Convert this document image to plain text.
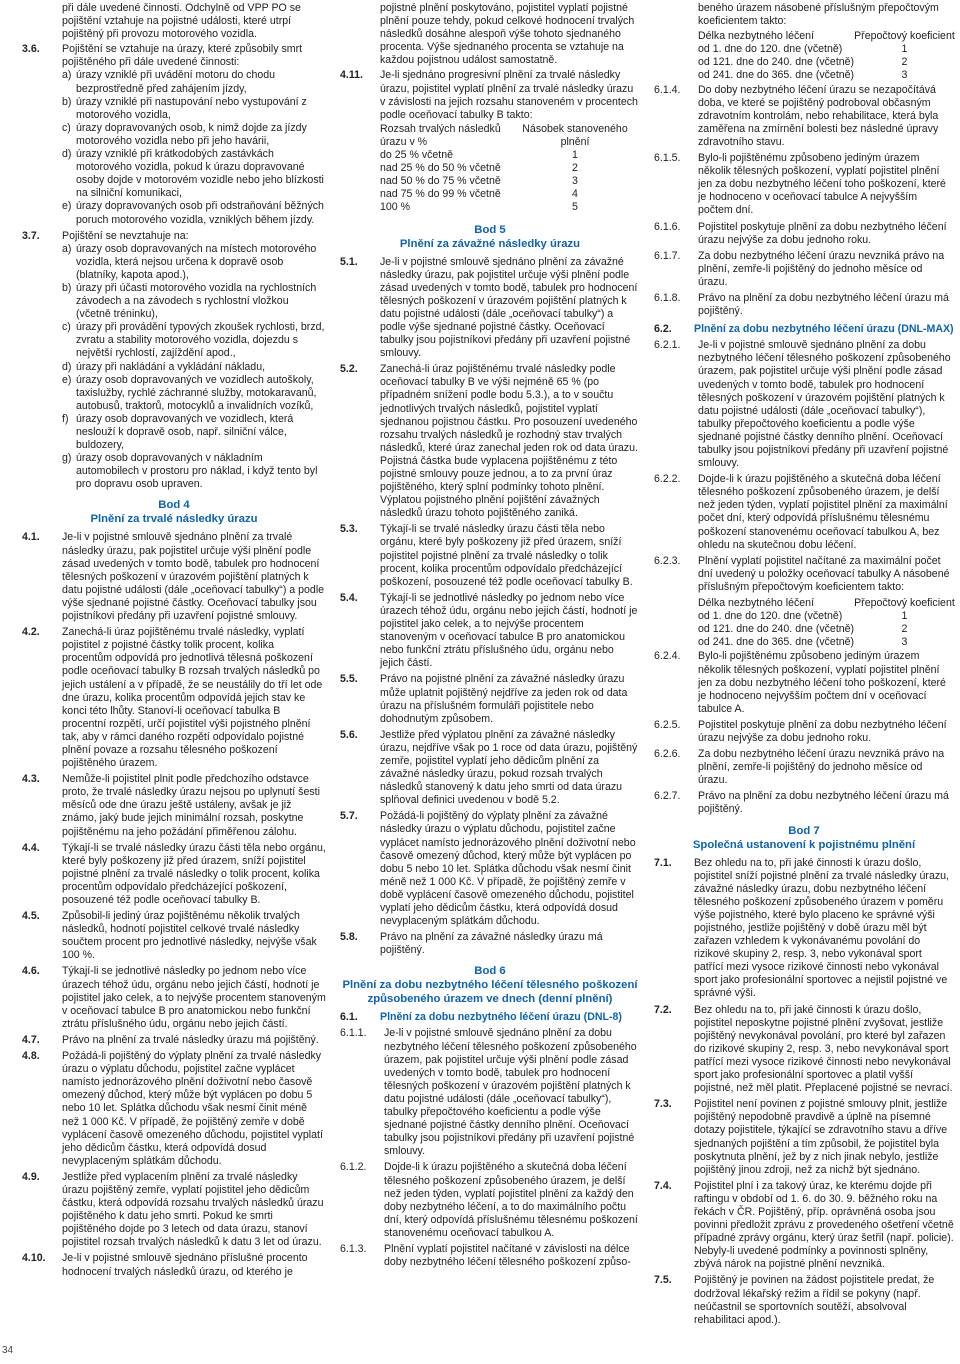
při dále uvedené činnosti. Odchylně od VPP PO se pojištění vztahuje na pojistné události, které utrpí pojištěný při provozu motorového vozidla.
3.6.	Pojištění se vztahuje na úrazy, které způsobily smrt pojištěného při dále uvedené činnosti:
a) úrazy vzniklé při uvádění motoru do chodu bezprostředně před zahájením jízdy,
b) úrazy vzniklé při nastupování nebo vystupování z motorového vozidla,
c) úrazy dopravovaných osob, k nimž dojde za jízdy motorového vozidla nebo při jeho havárii,
d) úrazy vzniklé při krátkodobých zastávkách motorového vozidla, pokud k úrazu dopravované osoby dojde v motorovém vozidle nebo jeho blízkosti na silniční komunikaci,
e) úrazy dopravovaných osob při odstraňování běžných poruch motorového vozidla, vzniklých během jízdy.
3.7.	Pojištění se nevztahuje na:
a) úrazy osob dopravovaných na místech motorového vozidla, která nejsou určena k dopravě osob (blatníky, kapota apod.),
b) úrazy při účasti motorového vozidla na rychlostních závodech a na závodech s rychlostní vložkou (včetně tréninku),
c) úrazy při provádění typových zkoušek rychlosti, brzd, zvratu a stability motorového vozidla, dojezdu s největší rychlostí, zajíždění apod.,
d) úrazy při nakládání a vykládání nákladu,
e) úrazy osob dopravovaných ve vozidlech autoškoly, taxislužby, rychlé záchranné služby, motokaravanů, autobusů, traktorů, motocyklů a invalidních vozíků,
f) úrazy osob dopravovaných ve vozidlech, která neslouží k dopravě osob, např. silniční válce, buldozery,
g) úrazy osob dopravovaných v nákladním automobilech v prostoru pro náklad, i když tento byl pro dopravu osob upraven.
Bod 4
Plnění za trvalé následky úrazu
4.1.	Je-li v pojistné smlouvě sjednáno plnění za trvalé následky úrazu, pak pojistitel určuje výši plnění podle zásad uvedených v tomto bodě, tabulek pro hodnocení tělesných poškození v úrazovém pojištění platných k datu pojistné události (dále „oceňovací tabulky“) a podle výše sjednané pojistné částky. Oceňovací tabulky jsou pojistníkovi předány při uzavření pojistné smlouvy.
4.2.	Zanechá-li úraz pojištěnému trvalé následky, vyplatí pojistitel z pojistné částky tolik procent, kolika procentům odpovídá pro jednotlivá tělesná poškození podle oceňovací tabulky B rozsah trvalých následků po jejich ustálení a v případě, že se neustálily do tří let ode dne úrazu, kolika procentům odpovídá jejich stav ke konci této lhůty. Stanoví-li oceňovací tabulka B procentní rozpětí, určí pojistitel výši pojistného plnění tak, aby v rámci daného rozpětí odpovídalo pojistné plnění povaze a rozsahu tělesného poškození pojištěného úrazem.
4.3.	Nemůže-li pojistitel plnit podle předchozího odstavce proto, že trvalé následky úrazu nejsou po uplynutí šesti měsíců ode dne úrazu ještě ustáleny, avšak je již známo, jaký bude jejich minimální rozsah, poskytne pojištěnému na jeho požádání přiměřenou zálohu.
4.4.	Týkají-li se trvalé následky úrazu části těla nebo orgánu, které byly poškozeny již před úrazem, sníží pojistitel pojistné plnění za trvalé následky o tolik procent, kolika procentům odpovídalo předcházející poškození, posouzené též podle oceňovací tabulky B.
4.5.	Způsobil-li jediný úraz pojištěnému několik trvalých následků, hodnotí pojistitel celkové trvalé následky součtem procent pro jednotlivé následky, nejvýše však 100 %.
4.6.	Týkají-li se jednotlivé následky po jednom nebo více úrazech téhož údu, orgánu nebo jejich částí, hodnotí je pojistitel jako celek, a to nejvýše procentem stanoveným v oceňovací tabulce B pro anatomickou nebo funkční ztrátu příslušného údu, orgánu nebo jejich částí.
4.7.	Právo na plnění za trvalé následky úrazu má pojištěný.
4.8.	Požádá-li pojištěný do výplaty plnění za trvalé následky úrazu o výplatu důchodu, pojistitel začne vyplácet namísto jednorázového plnění doživotní nebo časově omezený důchod, který může být vyplácen po dobu 5 nebo 10 let. Splátka důchodu však nesmí činit méně než 1 000 Kč. V případě, že pojištěný zemře v době vyplácení časově omezeného důchodu, pojistitel vyplatí jeho dědicům částku, která odpovídá dosud nevyplaceným splátkám důchodu.
4.9.	Jestliže před vyplacením plnění za trvalé následky úrazu pojištěný zemře, vyplatí pojistitel jeho dědicům částku, která odpovídá rozsahu trvalých následků úrazu pojištěného k datu jeho smrti. Pokud ke smrti pojištěného dojde po 3 letech od data úrazu, stanoví pojistitel rozsah trvalých následků k datu 3 let od úrazu.
4.10.	Je-li v pojistné smlouvě sjednáno příslušné procento hodnocení trvalých následků úrazu, od kterého je
pojistné plnění poskytováno, pojistitel vyplatí pojistné plnění pouze tehdy, pokud celkové hodnocení trvalých následků dosáhne alespoň výše tohoto sjednaného procenta. Výše sjednaného procenta se vztahuje na každou pojistnou událost samostatně.
4.11.	Je-li sjednáno progresivní plnění za trvalé následky úrazu, pojistitel vyplatí plnění za trvalé následky úrazu v závislosti na jejich rozsahu stanoveném v procentech podle oceňovací tabulky B takto:
Rozsah trvalých následků úrazu v %
Násobek stanoveného plnění
do 25 % včetně	1
nad 25 % do 50 % včetně	2
nad 50 % do 75 % včetně	3
nad 75 % do 99 % včetně	4
100 %	5
Bod 5
Plnění za závažné následky úrazu
5.1.	Je-li v pojistné smlouvě sjednáno plnění za závažné následky úrazu, pak pojistitel určuje výši plnění podle zásad uvedených v tomto bodě, tabulek pro hodnocení tělesných poškození v úrazovém pojištění platných k datu pojistné události (dále „oceňovací tabulky“) a podle výše sjednané pojistné částky. Oceňovací tabulky jsou pojistníkovi předány při uzavření pojistné smlouvy.
5.2.	Zanechá-li úraz pojištěnému trvalé následky podle oceňovací tabulky B ve výši nejméně 65 % (po případném snížení podle bodu 5.3.), a to v součtu jednotlivých trvalých následků, pojistitel vyplatí sjednanou pojistnou částku. Pro posouzení uvedeného rozsahu trvalých následků je rozhodný stav trvalých následků, které úraz zanechal jeden rok od data úrazu. Pojistná částka bude vyplacena pojištěnému z této pojistné smlouvy pouze jednou, a to za první úraz pojištěného, který splní podmínky tohoto plnění. Výplatou pojistného plnění pojištění závažných následků úrazu tohoto pojištěného zaniká.
5.3.	Týkají-li se trvalé následky úrazu části těla nebo orgánu, které byly poškozeny již před úrazem, sníží pojistitel pojistné plnění za trvalé následky o tolik procent, kolika procentům odpovídalo předcházející poškození, posouzené též podle oceňovací tabulky B.
5.4.	Týkají-li se jednotlivé následky po jednom nebo více úrazech téhož údu, orgánu nebo jejich částí, hodnotí je pojistitel jako celek, a to nejvýše procentem stanoveným v oceňovací tabulce B pro anatomickou nebo funkční ztrátu příslušného údu, orgánu nebo jejich částí.
5.5.	Právo na pojistné plnění za závažné následky úrazu může uplatnit pojištěný nejdříve za jeden rok od data úrazu na příslušném formuláři pojistitele nebo dohodnutým způsobem.
5.6.	Jestliže před výplatou plnění za závažné následky úrazu, nejdříve však po 1 roce od data úrazu, pojištěný zemře, pojistitel vyplatí jeho dědicům plnění za závažné následky úrazu, pokud rozsah trvalých následků stanovený k datu jeho smrti od data úrazu splňoval definici uvedenou v bodě 5.2.
5.7.	Požádá-li pojištěný do výplaty plnění za závažné následky úrazu o výplatu důchodu, pojistitel začne vyplácet namísto jednorázového plnění doživotní nebo časově omezený důchod, který může být vyplácen po dobu 5 nebo 10 let. Splátka důchodu však nesmí činit méně než 1 000 Kč. V případě, že pojištěný zemře v době vyplácení časově omezeného důchodu, pojistitel vyplatí jeho dědicům částku, která odpovídá dosud nevyplaceným splátkám důchodu.
5.8.	Právo na plnění za závažné následky úrazu má pojištěný.
Bod 6
Plnění za dobu nezbytného léčení tělesného poškození způsobeného úrazem ve dnech (denní plnění)
6.1.	Plnění za dobu nezbytného léčení úrazu (DNL-8)
6.1.1.	Je-li v pojistné smlouvě sjednáno plnění za dobu nezbytného léčení tělesného poškození způsobeného úrazem, pak pojistitel určuje výši plnění podle zásad uvedených v tomto bodě, tabulek pro hodnocení tělesných poškození v úrazovém pojištění platných k datu pojistné události (dále „oceňovací tabulky“), tabulky přepočtového koeficientu a podle výše sjednané pojistné částky denního plnění. Oceňovací tabulky jsou pojistníkovi předány při uzavření pojistné smlouvy.
6.1.2.	Dojde-li k úrazu pojištěného a skutečná doba léčení tělesného poškození způsobeného úrazem, je delší než jeden týden, vyplatí pojistitel plnění za každý den doby nezbytného léčení, a to do maximálního počtu dní, který odpovídá příslušnému tělesnému poškození stanovenému oceňovací tabulkou A.
6.1.3.	Plnění vyplatí pojistitel načítané v závislosti na délce doby nezbytného léčení tělesného poškození způso-
beného úrazem násobené příslušným přepočtovým koeficientem takto:
Délka nezbytného léčení	Přepočtový koeficient
od 1. dne do 120. dne (včetně)	1
od 121. dne do 240. dne (včetně)	2
od 241. dne do 365. dne (včetně)	3
6.1.4.	Do doby nezbytného léčení úrazu se nezapočítává doba, ve které se pojištěný podroboval občasným zdravotním kontrolám, nebo rehabilitace, která byla zaměřena na zmírnění bolesti bez následné úpravy zdravotního stavu.
6.1.5.	Bylo-li pojištěnému způsobeno jediným úrazem několik tělesných poškození, vyplatí pojistitel plnění jen za dobu nezbytného léčení toho poškození, které je hodnoceno v oceňovací tabulce A nejvyšším počtem dní.
6.1.6.	Pojistitel poskytuje plnění za dobu nezbytného léčení úrazu nejvýše za dobu jednoho roku.
6.1.7.	Za dobu nezbytného léčení úrazu nevzniká právo na plnění, zemře-li pojištěný do jednoho měsíce od úrazu.
6.1.8.	Právo na plnění za dobu nezbytného léčení úrazu má pojištěný.
6.2.	Plnění za dobu nezbytného léčení úrazu (DNL-MAX)
6.2.1.	Je-li v pojistné smlouvě sjednáno plnění za dobu nezbytného léčení tělesného poškození způsobeného úrazem, pak pojistitel určuje výši plnění podle zásad uvedených v tomto bodě, tabulek pro hodnocení tělesných poškození v úrazovém pojištění platných k datu pojistné události (dále „oceňovací tabulky“), tabulky přepočtového koeficientu a podle výše sjednané pojistné částky denního plnění. Oceňovací tabulky jsou pojistníkovi předány při uzavření pojistné smlouvy.
6.2.2.	Dojde-li k úrazu pojištěného a skutečná doba léčení tělesného poškození způsobeného úrazem, je delší než jeden týden, vyplatí pojistitel plnění za maximální počet dní, který odpovídá příslušnému tělesnému poškození stanovenému oceňovací tabulkou A, bez ohledu na skutečnou dobu léčení.
6.2.3.	Plnění vyplatí pojistitel načítané za maximální počet dní uvedený u položky oceňovací tabulky A násobené příslušným přepočtovým koeficientem takto:
Délka nezbytného léčení	Přepočtový koeficient
od 1. dne do 120. dne (včetně)	1
od 121. dne do 240. dne (včetně)	2
od 241. dne do 365. dne (včetně)	3
6.2.4.	Bylo-li pojištěnému způsobeno jediným úrazem několik tělesných poškození, vyplatí pojistitel plnění jen za dobu nezbytného léčení toho poškození, které je hodnoceno nejvyšším počtem dní v oceňovací tabulce A.
6.2.5.	Pojistitel poskytuje plnění za dobu nezbytného léčení úrazu nejvýše za dobu jednoho roku.
6.2.6.	Za dobu nezbytného léčení úrazu nevzniká právo na plnění, zemře-li pojištěný do jednoho měsíce od úrazu.
6.2.7.	Právo na plnění za dobu nezbytného léčení úrazu má pojištěný.
Bod 7
Společná ustanovení k pojistnému plnění
7.1.	Bez ohledu na to, při jaké činnosti k úrazu došlo, pojistitel sníží pojistné plnění za trvalé následky úrazu, závažné následky úrazu, dobu nezbytného léčení tělesného poškození způsobeného úrazem v poměru výše pojistného, které bylo placeno ke správné výši pojistného, jestliže pojištěný v době úrazu měl být zařazen vzhledem k vykonávanému povolání do rizikové skupiny 2, resp. 3, nebo vykonával sport patřící mezi vysoce rizikové činnosti nebo vykonával sport jako profesionální sportovec a nejistil pojistné ve správné výši.
7.2.	Bez ohledu na to, při jaké činnosti k úrazu došlo, pojistitel neposkytne pojistné plnění zvyšovat, jestliže pojištěný nevykonával povolání, pro které byl zařazen do rizikové skupiny 2, resp. 3, nebo nevykonával sport patřící mezi vysoce rizikové činnosti nebo nevykonával sport jako profesionální sportovec a platil vyšší pojistné, než měl platit. Přeplacené pojistné se nevrací.
7.3.	Pojistitel není povinen z pojistné smlouvy plnit, jestliže pojištěný nepodobně pravdivě a úplně na písemné dotazy pojistitele, týkající se zdravotního stavu a dříve sjednaných pojištění a tím způsobil, že pojistitel byla poskytnuta plnění, jež by z nich jinak nebylo, jestliže pojištěný jinou zdroji, než za nichž být sjednáno.
7.4.	Pojistitel plní i za takový úraz, ke kterému dojde při raftingu v období od 1. 6. do 30. 9. běžného roku na řekách v ČR. Pojištěný, příp. oprávněná osoba jsou povinni předložit zprávu z provedeného ošetření včetně případné zprávy orgánu, který úraz šetřil (např. policie). Nebyly-li uvedené podmínky a povinnosti splněny, zbývá nárok na pojistné plnění nevzniká.
7.5.	Pojištěný je povinen na žádost pojistitele predat, že dodržoval lékařský režim a řídil se pokyny (např. neúčastnil se sportovních soutěží, absolvoval rehabilitaci apod.).
34
